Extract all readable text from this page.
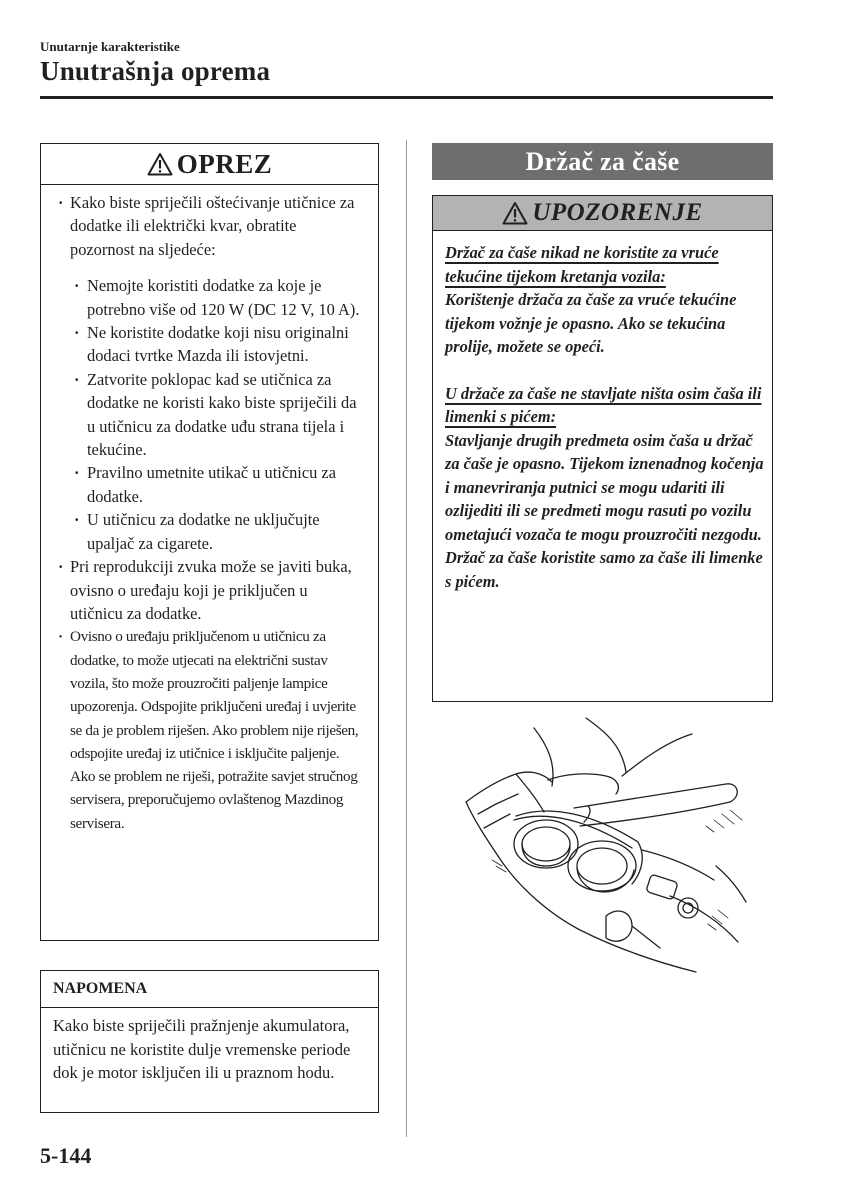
Unutarnje karakteristike
Unutrašnja oprema
OPREZ
· Kako biste spriječili oštećivanje utičnice za dodatke ili električki kvar, obratite pozornost na sljedeće:
· Nemojte koristiti dodatke za koje je potrebno više od 120 W (DC 12 V, 10 A).
· Ne koristite dodatke koji nisu originalni dodaci tvrtke Mazda ili istovjetni.
· Zatvorite poklopac kad se utičnica za dodatke ne koristi kako biste spriječili da u utičnicu za dodatke uđu strana tijela i tekućine.
· Pravilno umetnite utikač u utičnicu za dodatke.
· U utičnicu za dodatke ne uključujte upaljač za cigarete.
· Pri reprodukciji zvuka može se javiti buka, ovisno o uređaju koji je priključen u utičnicu za dodatke.
· Ovisno o uređaju priključenom u utičnicu za dodatke, to može utjecati na električni sustav vozila, što može prouzročiti paljenje lampice upozorenja. Odspojite priključeni uređaj i uvjerite se da je problem riješen. Ako problem nije riješen, odspojite uređaj iz utičnice i isključite paljenje. Ako se problem ne riješi, potražite savjet stručnog servisera, preporučujemo ovlaštenog Mazdinog servisera.
NAPOMENA
Kako biste spriječili pražnjenje akumulatora, utičnicu ne koristite dulje vremenske periode dok je motor isključen ili u praznom hodu.
5-144
Držač za čaše
UPOZORENJE
Držač za čaše nikad ne koristite za vruće tekućine tijekom kretanja vozila:
Korištenje držača za čaše za vruće tekućine tijekom vožnje je opasno. Ako se tekućina prolije, možete se opeći.
U držače za čaše ne stavljate ništa osim čaša ili limenki s pićem:
Stavljanje drugih predmeta osim čaša u držač za čaše je opasno. Tijekom iznenadnog kočenja i manevriranja putnici se mogu udariti ili ozlijediti ili se predmeti mogu rasuti po vozilu ometajući vozača te mogu prouzročiti nezgodu. Držač za čaše koristite samo za čaše ili limenke s pićem.
